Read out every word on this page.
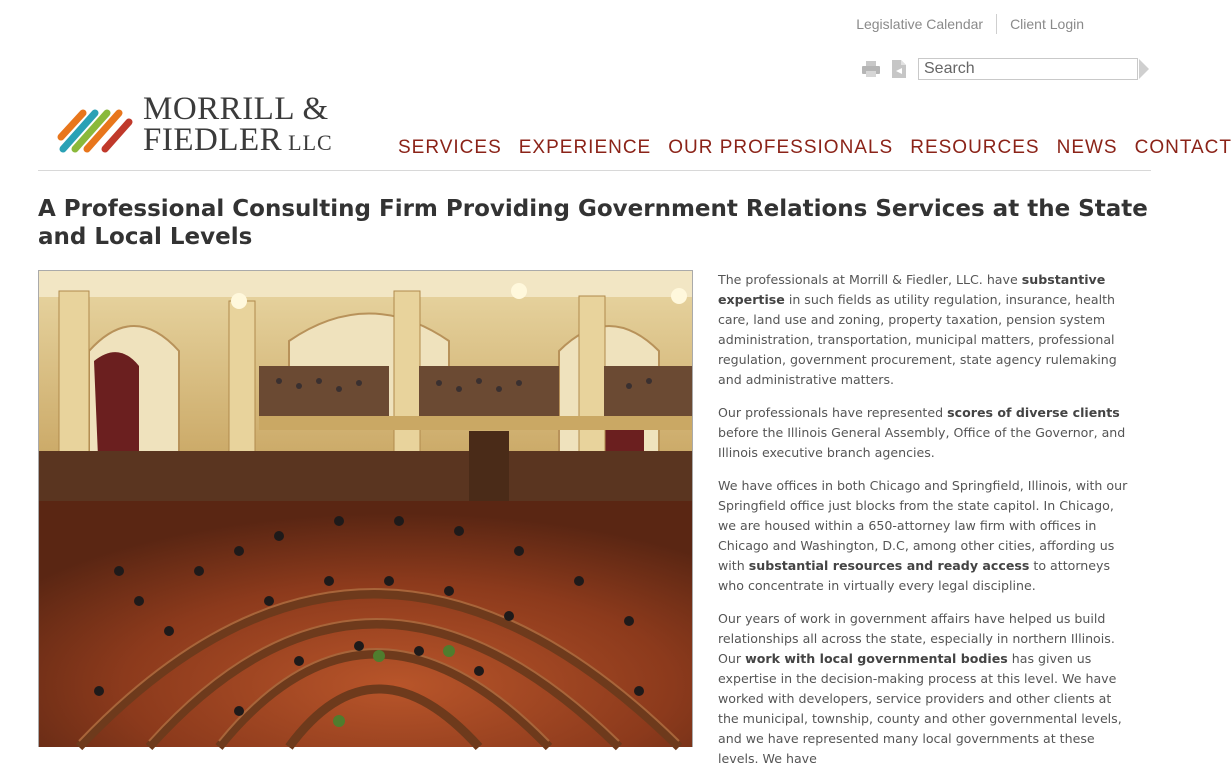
Legislative Calendar Client Login
Search
MORRILL &
FIEDLER LLC	SERVICES EXPERIENCE OUR PROFESSIONALS RESOURCES NEWS CONTACT
A Professional Consulting Firm Providing Government Relations Services at the State and Local Levels

The professionals at Morrill & Fiedler, LLC. have substantive expertise in such fields as utility regulation, insurance, health care, land use and zoning, property taxation, pension system administration, transportation, municipal matters, professional regulation, government procurement, state agency rulemaking and administrative matters.

Our professionals have represented scores of diverse clients before the Illinois General Assembly, Office of the Governor, and Illinois executive branch agencies.

We have offices in both Chicago and Springfield, Illinois, with our Springfield office just blocks from the state capitol. In Chicago, we are housed within a 650-attorney law firm with offices in Chicago and Washington, D.C, among other cities, affording us with substantial resources and ready access to attorneys who concentrate in virtually every legal discipline.

Our years of work in government affairs have helped us build relationships all across the state, especially in northern Illinois. Our work with local governmental bodies has given us expertise in the decision-making process at this level. We have worked with developers, service providers and other clients at the municipal, township, county and other governmental levels, and we have represented many local governments at these levels. We have
